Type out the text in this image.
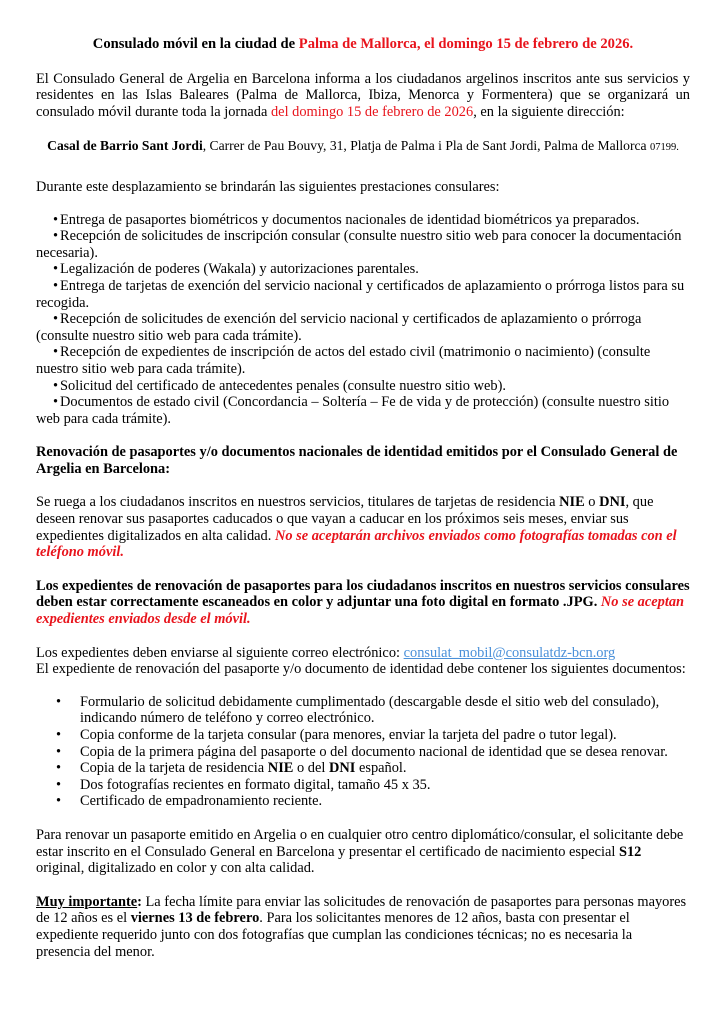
Consulado móvil en la ciudad de Palma de Mallorca, el domingo 15 de febrero de 2026.

El Consulado General de Argelia en Barcelona informa a los ciudadanos argelinos inscritos ante sus servicios y residentes en las Islas Baleares (Palma de Mallorca, Ibiza, Menorca y Formentera) que se organizará un consulado móvil durante toda la jornada del domingo 15 de febrero de 2026, en la siguiente dirección:

Casal de Barrio Sant Jordi, Carrer de Pau Bouvy, 31, Platja de Palma i Pla de Sant Jordi, Palma de Mallorca 07199.

Durante este desplazamiento se brindarán las siguientes prestaciones consulares:

• Entrega de pasaportes biométricos y documentos nacionales de identidad biométricos ya preparados.
• Recepción de solicitudes de inscripción consular (consulte nuestro sitio web para conocer la documentación necesaria).
• Legalización de poderes (Wakala) y autorizaciones parentales.
• Entrega de tarjetas de exención del servicio nacional y certificados de aplazamiento o prórroga listos para su recogida.
• Recepción de solicitudes de exención del servicio nacional y certificados de aplazamiento o prórroga (consulte nuestro sitio web para cada trámite).
• Recepción de expedientes de inscripción de actos del estado civil (matrimonio o nacimiento) (consulte nuestro sitio web para cada trámite).
• Solicitud del certificado de antecedentes penales (consulte nuestro sitio web).
• Documentos de estado civil (Concordancia – Soltería – Fe de vida y de protección) (consulte nuestro sitio web para cada trámite).

Renovación de pasaportes y/o documentos nacionales de identidad emitidos por el Consulado General de Argelia en Barcelona:

Se ruega a los ciudadanos inscritos en nuestros servicios, titulares de tarjetas de residencia NIE o DNI, que deseen renovar sus pasaportes caducados o que vayan a caducar en los próximos seis meses, enviar sus expedientes digitalizados en alta calidad. No se aceptarán archivos enviados como fotografías tomadas con el teléfono móvil.

Los expedientes de renovación de pasaportes para los ciudadanos inscritos en nuestros servicios consulares deben estar correctamente escaneados en color y adjuntar una foto digital en formato .JPG. No se aceptan expedientes enviados desde el móvil.

Los expedientes deben enviarse al siguiente correo electrónico: consulat_mobil@consulatdz-bcn.org

El expediente de renovación del pasaporte y/o documento de identidad debe contener los siguientes documentos:

• Formulario de solicitud debidamente cumplimentado (descargable desde el sitio web del consulado), indicando número de teléfono y correo electrónico.
• Copia conforme de la tarjeta consular (para menores, enviar la tarjeta del padre o tutor legal).
• Copia de la primera página del pasaporte o del documento nacional de identidad que se desea renovar.
• Copia de la tarjeta de residencia NIE o del DNI español.
• Dos fotografías recientes en formato digital, tamaño 45 x 35.
• Certificado de empadronamiento reciente.

Para renovar un pasaporte emitido en Argelia o en cualquier otro centro diplomático/consular, el solicitante debe estar inscrito en el Consulado General en Barcelona y presentar el certificado de nacimiento especial S12 original, digitalizado en color y con alta calidad.

Muy importante: La fecha límite para enviar las solicitudes de renovación de pasaportes para personas mayores de 12 años es el viernes 13 de febrero. Para los solicitantes menores de 12 años, basta con presentar el expediente requerido junto con dos fotografías que cumplan las condiciones técnicas; no es necesaria la presencia del menor.
